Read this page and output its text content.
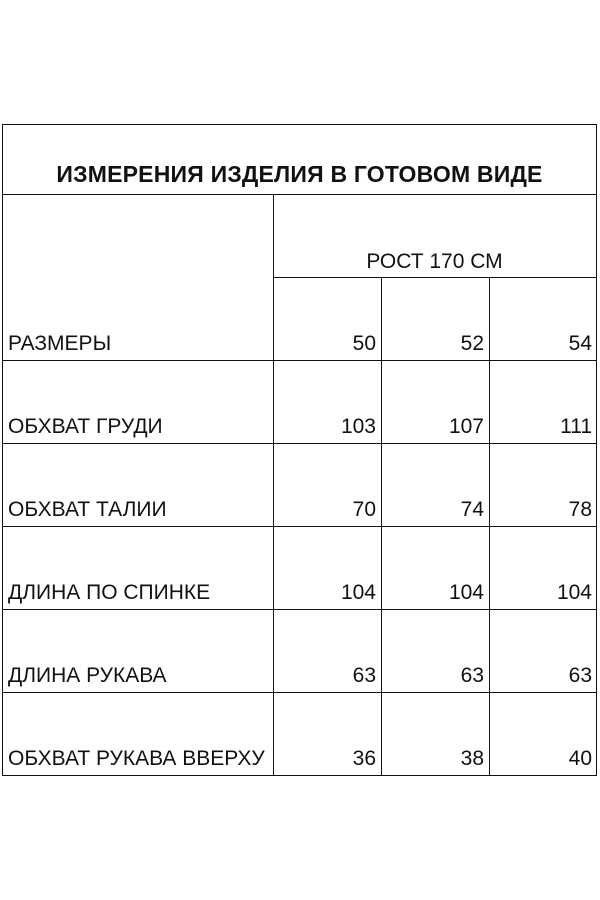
ИЗМЕРЕНИЯ ИЗДЕЛИЯ В ГОТОВОМ ВИДЕ
РОСТ 170 СМ
РАЗМЕРЫ	50	52	54
ОБХВАТ ГРУДИ	103	107	111
ОБХВАТ ТАЛИИ	70	74	78
ДЛИНА ПО СПИНКЕ	104	104	104
ДЛИНА РУКАВА	63	63	63
ОБХВАТ РУКАВА ВВЕРХУ	36	38	40
